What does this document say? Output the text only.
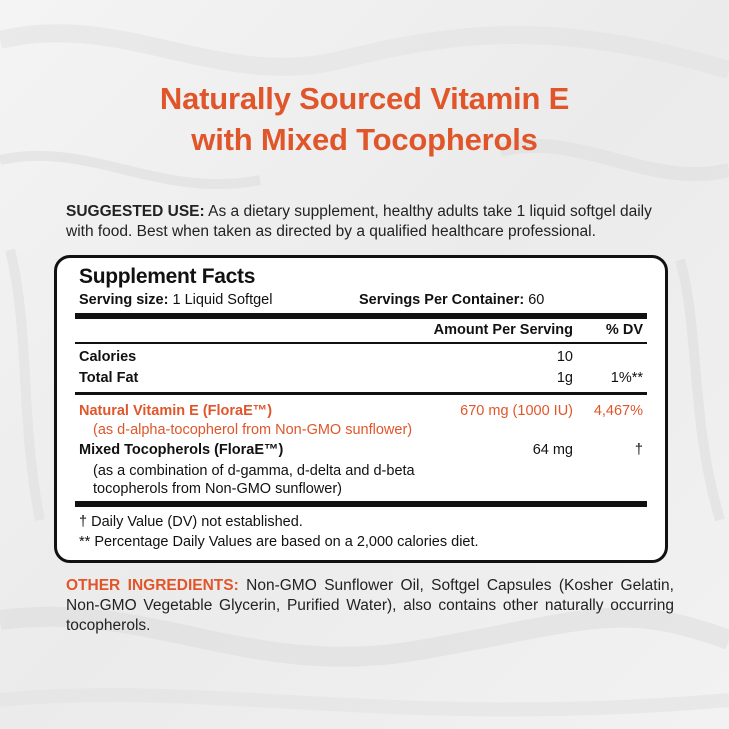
Naturally Sourced Vitamin E
with Mixed Tocopherols
SUGGESTED USE: As a dietary supplement, healthy adults take 1 liquid softgel daily with food. Best when taken as directed by a qualified healthcare professional.
Supplement Facts
Serving size: 1 Liquid Softgel	Servings Per Container: 60
Amount Per Serving % DV
Calories	10
Total Fat	1g	1%**
Natural Vitamin E (FloraE™)	670 mg (1000 IU) 4,467%
(as d-alpha-tocopherol from Non-GMO sunflower)
Mixed Tocopherols (FloraE™)	64 mg	†
(as a combination of d-gamma, d-delta and d-beta
tocopherols from Non-GMO sunflower)
† Daily Value (DV) not established.
** Percentage Daily Values are based on a 2,000 calories diet.
OTHER INGREDIENTS: Non-GMO Sunflower Oil, Softgel Capsules (Kosher Gelatin, Non-GMO Vegetable Glycerin, Purified Water), also contains other naturally occurring tocopherols.
